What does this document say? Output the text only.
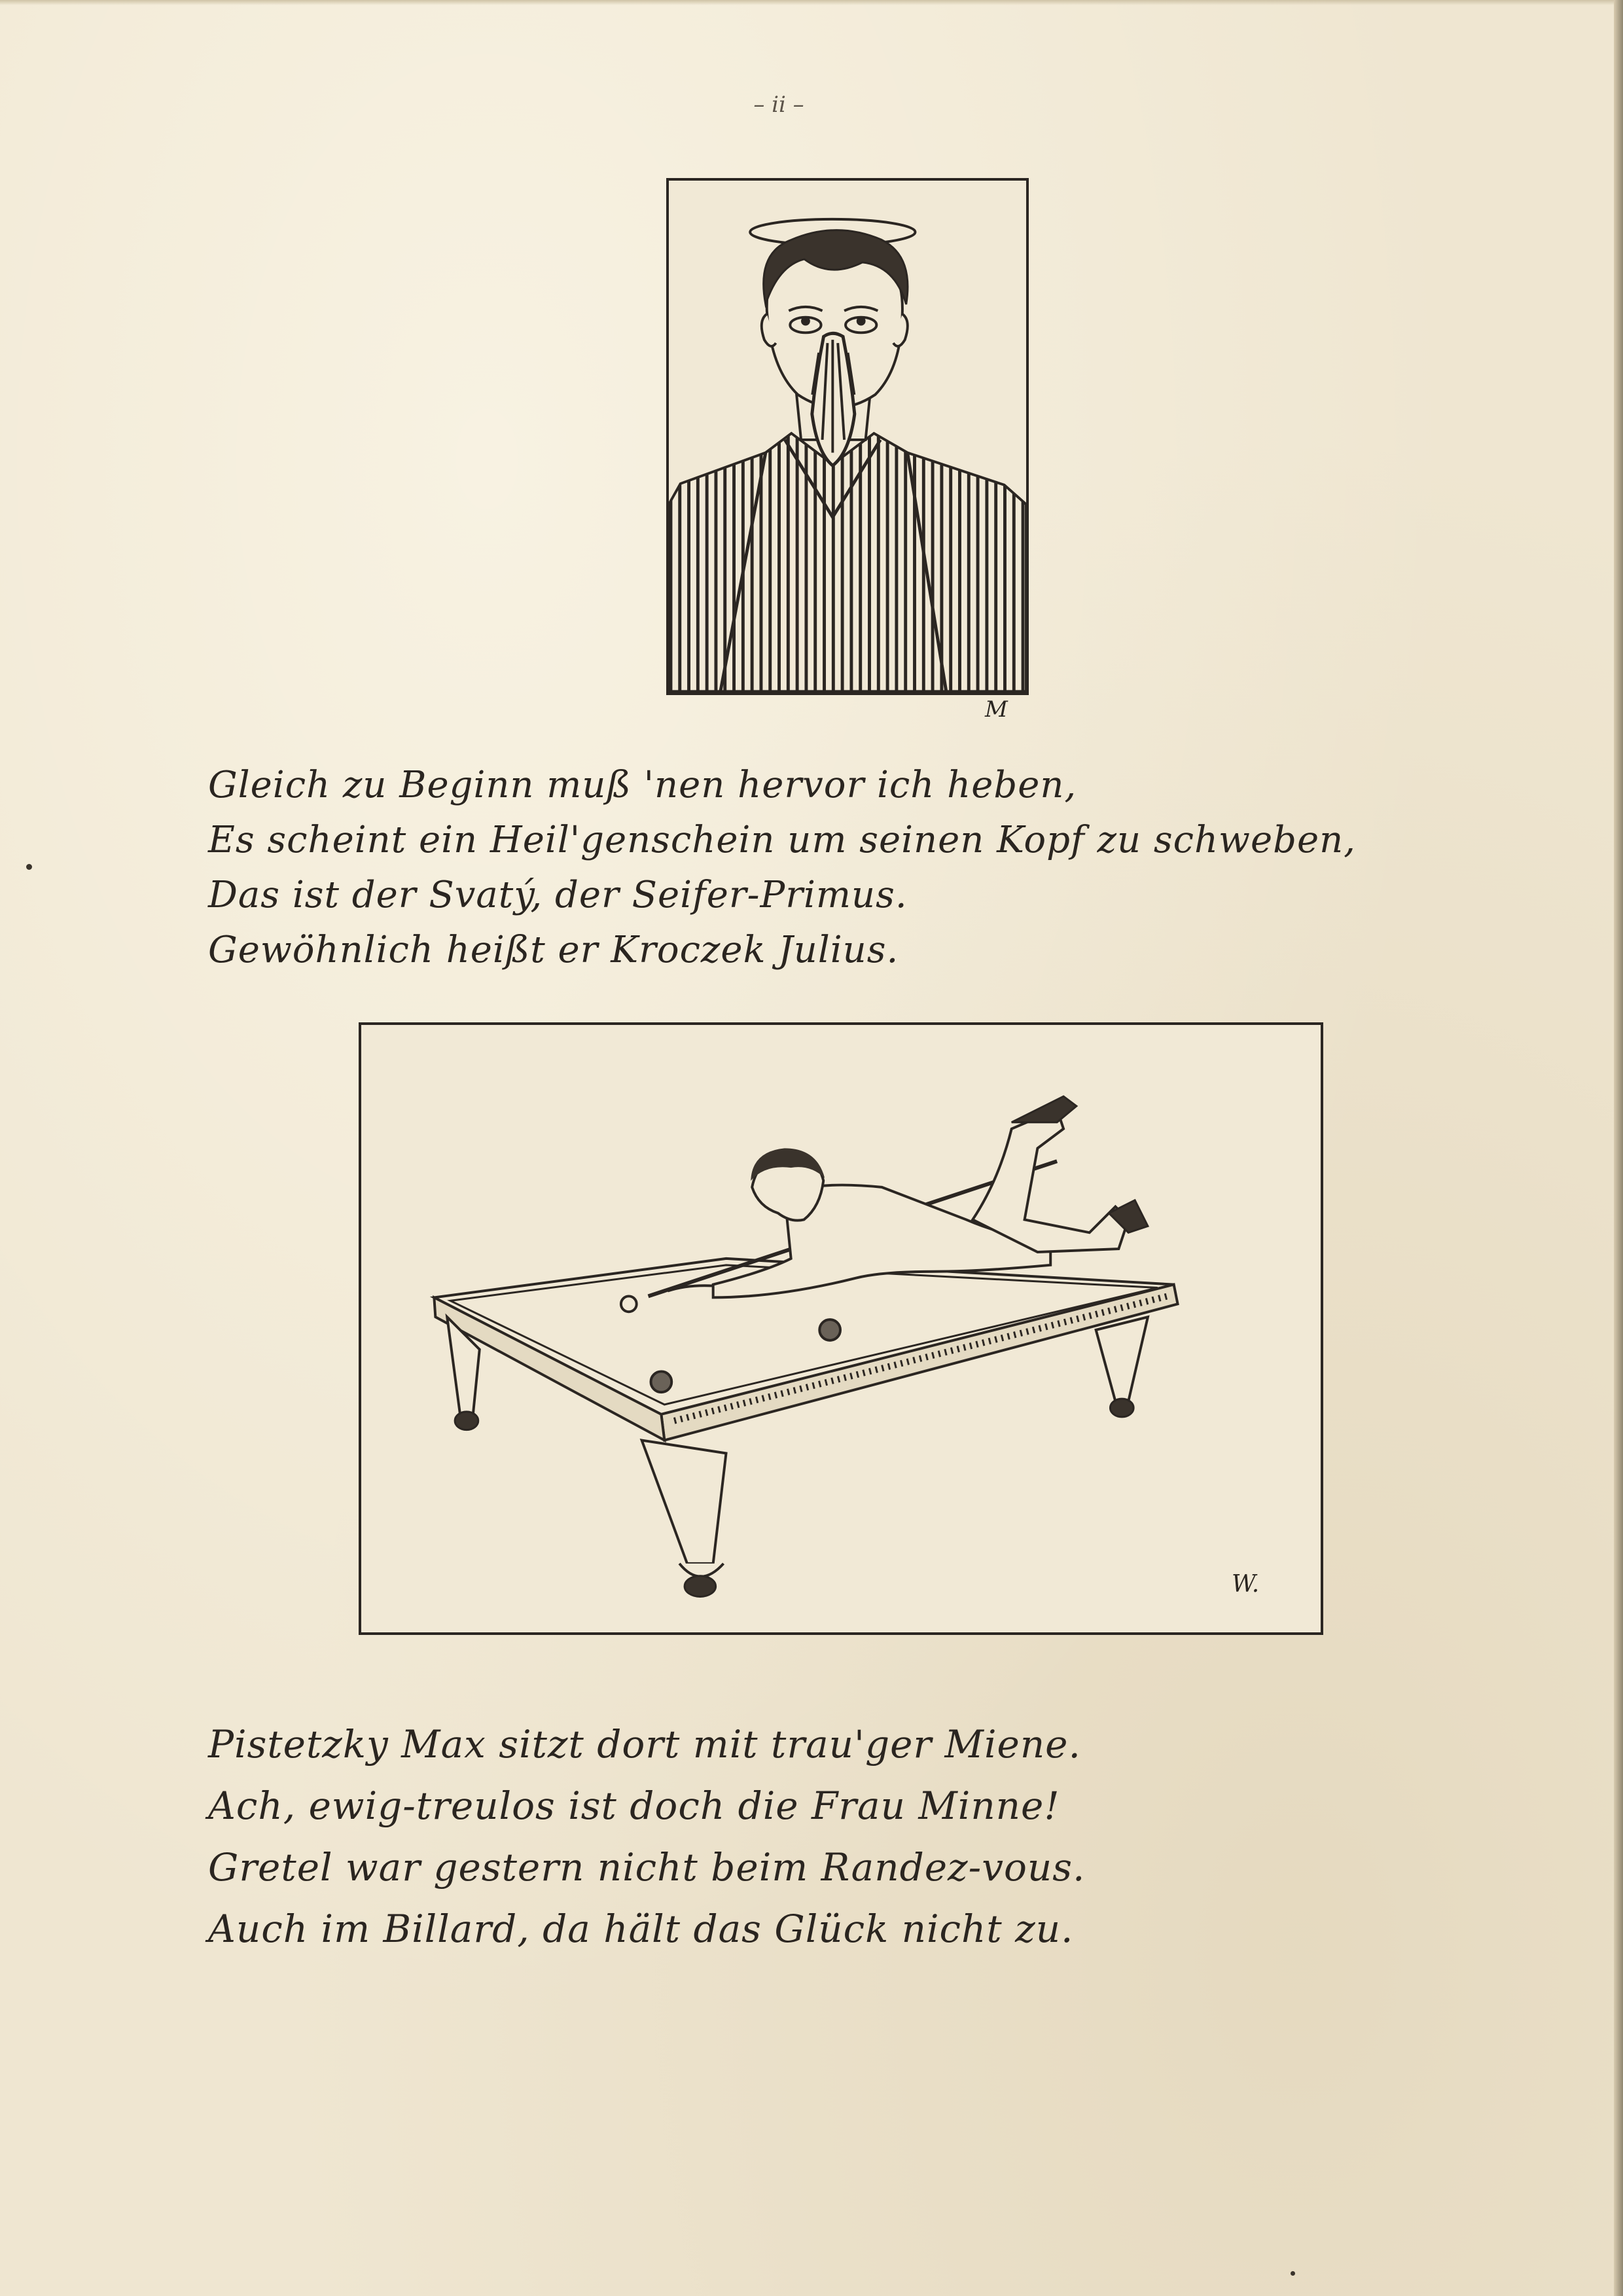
– ii –
M
Gleich zu Beginn muß 'nen hervor ich heben,
Es scheint ein Heil'genschein um seinen Kopf zu schweben,
Das ist der Svatý, der Seifer-Primus.
Gewöhnlich heißt er Kroczek Julius.
W.
Pistetzky Max sitzt dort mit trau'ger Miene.
Ach, ewig-treulos ist doch die Frau Minne!
Gretel war gestern nicht beim Randez-vous.
Auch im Billard, da hält das Glück nicht zu.
